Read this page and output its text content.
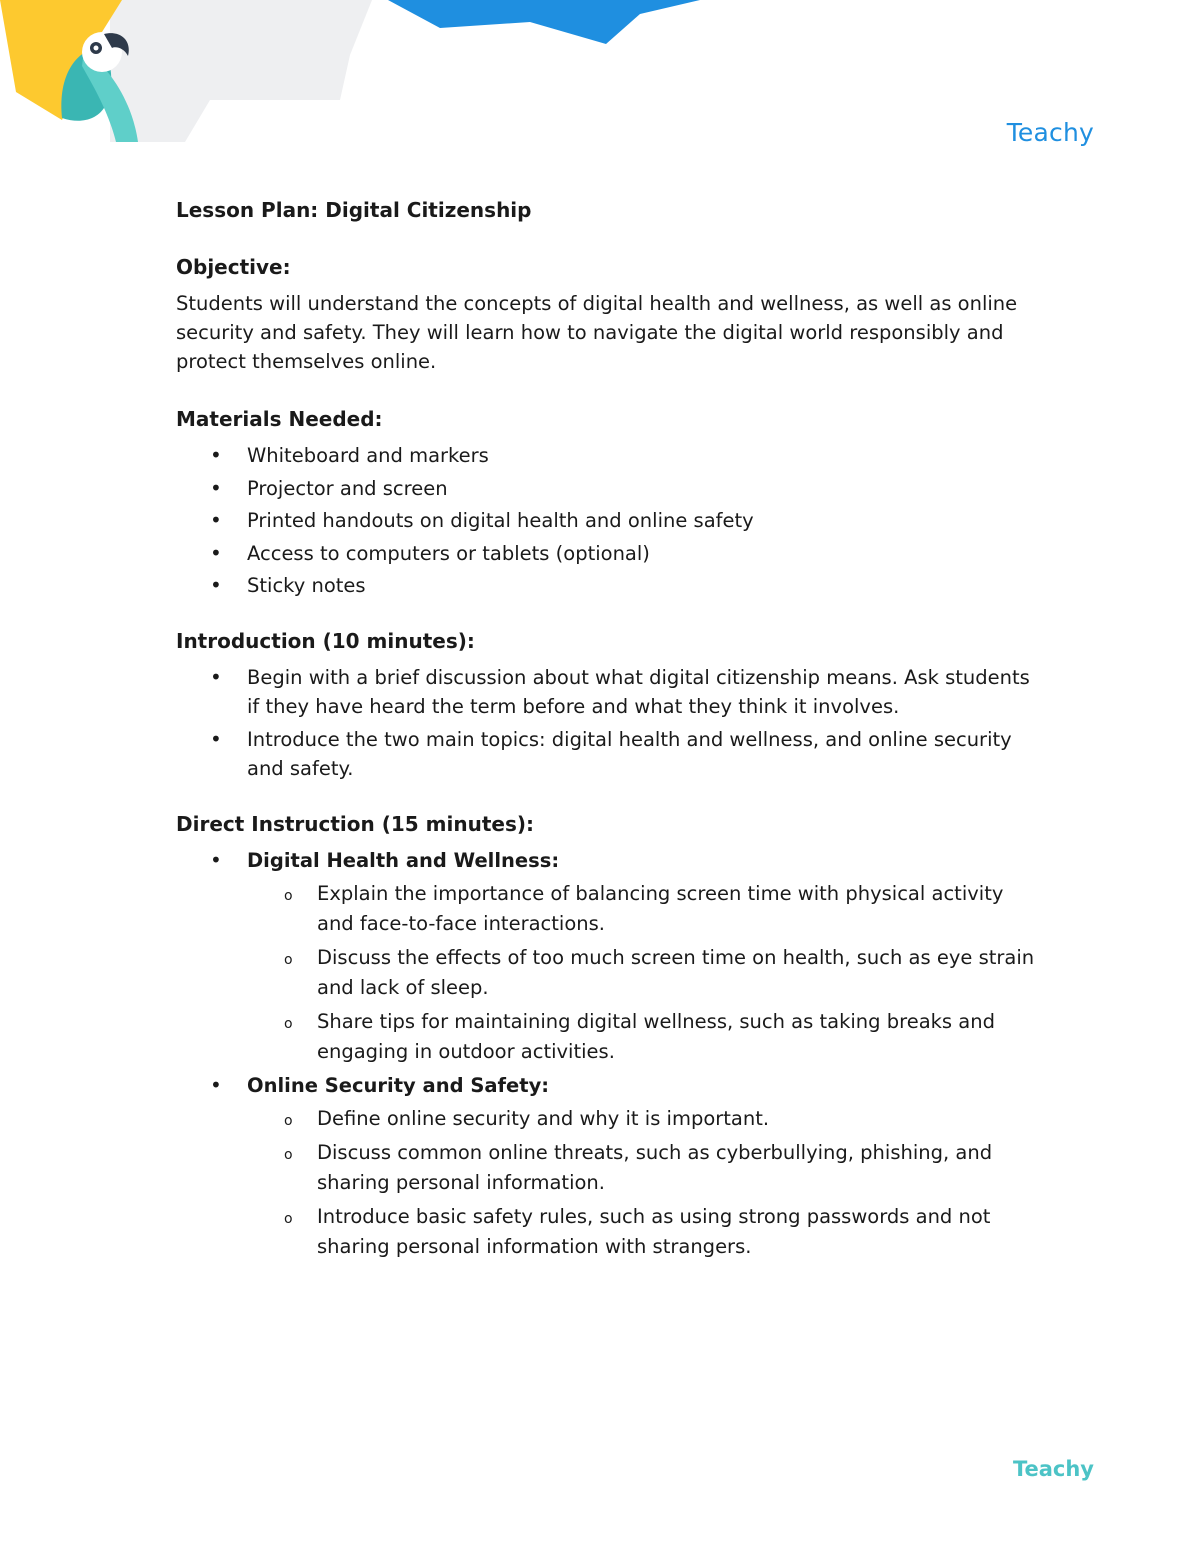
Teachy
Lesson Plan: Digital Citizenship
Objective:
Students will understand the concepts of digital health and wellness, as well as online security and safety. They will learn how to navigate the digital world responsibly and protect themselves online.
Materials Needed:
• Whiteboard and markers
• Projector and screen
• Printed handouts on digital health and online safety
• Access to computers or tablets (optional)
• Sticky notes
Introduction (10 minutes):
• Begin with a brief discussion about what digital citizenship means. Ask students if they have heard the term before and what they think it involves.
• Introduce the two main topics: digital health and wellness, and online security and safety.
Direct Instruction (15 minutes):
• Digital Health and Wellness:
o Explain the importance of balancing screen time with physical activity and face-to-face interactions.
o Discuss the effects of too much screen time on health, such as eye strain and lack of sleep.
o Share tips for maintaining digital wellness, such as taking breaks and engaging in outdoor activities.
• Online Security and Safety:
o Define online security and why it is important.
o Discuss common online threats, such as cyberbullying, phishing, and sharing personal information.
o Introduce basic safety rules, such as using strong passwords and not sharing personal information with strangers.
Teachy
